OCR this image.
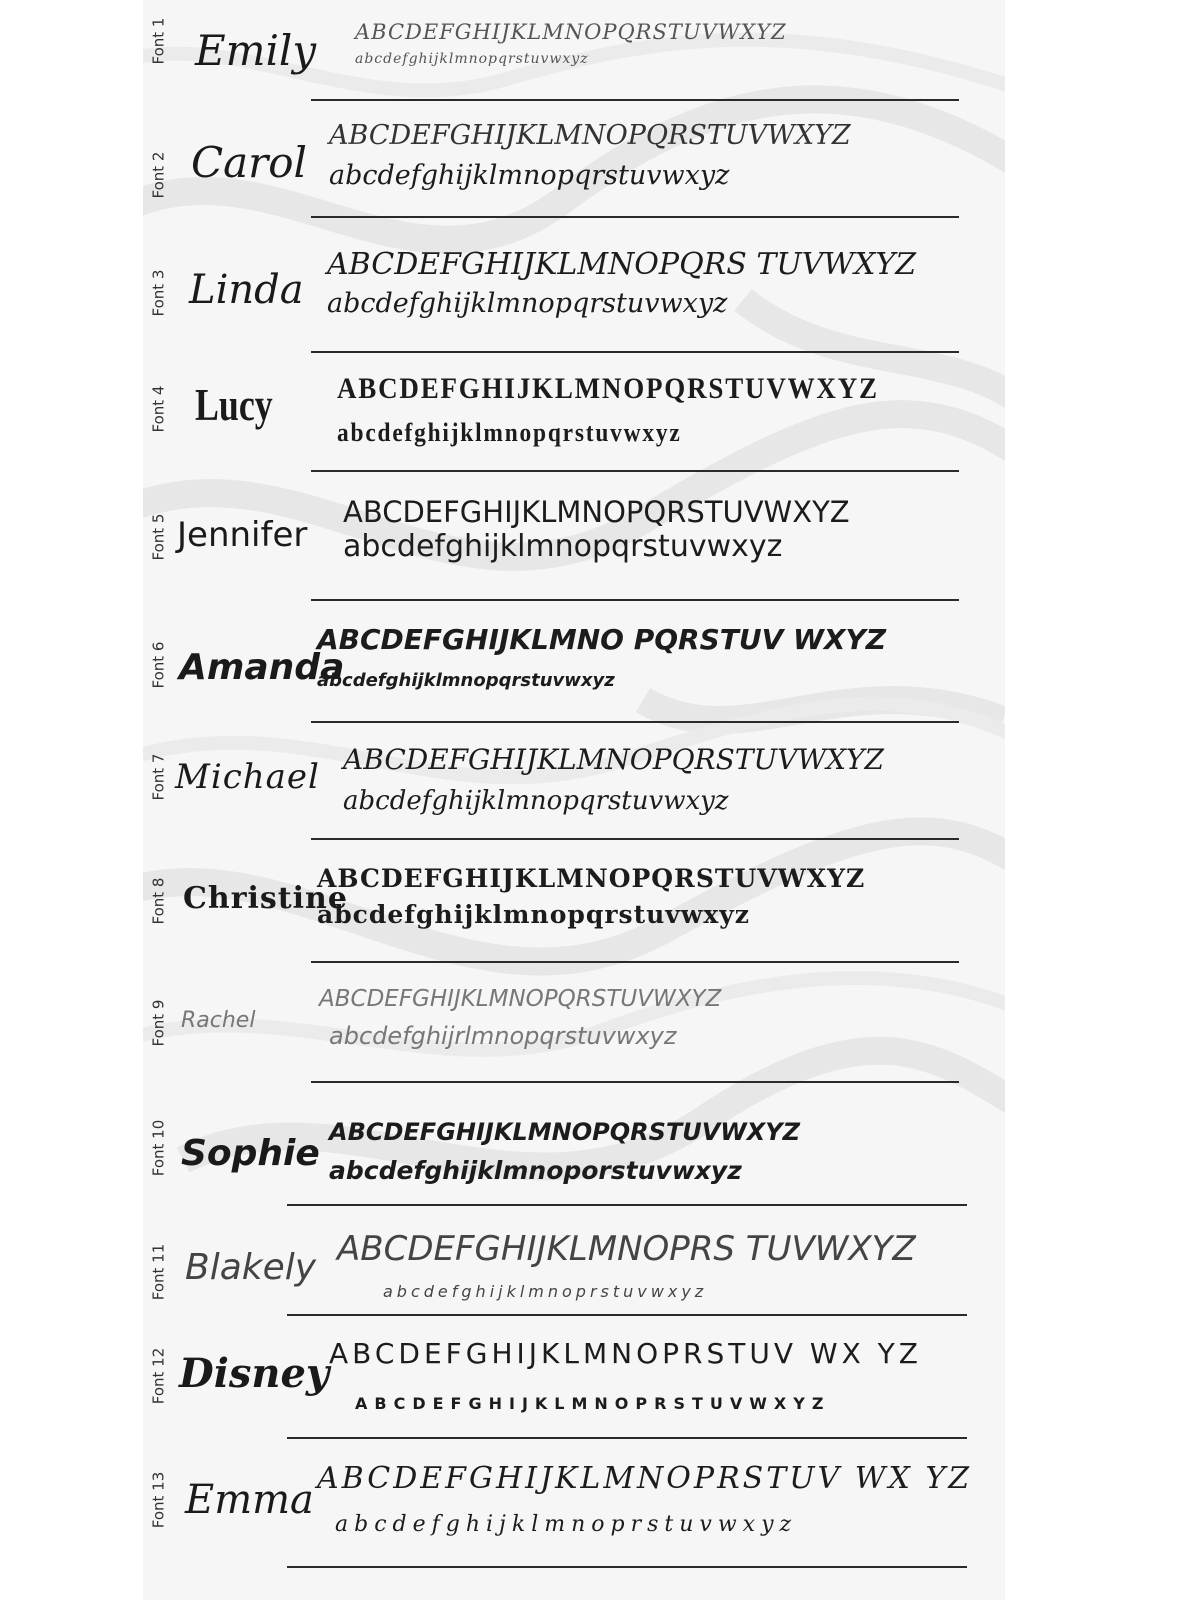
Font 1 Emily ABCDEFGHIJKLMNOPQRSTUVWXYZ
abcdefghijklmnopqrstuvwxyz
Font 2 Carol
ABCDEFGHIJKLMNOPQRSTUVWXYZ
abcdefghijklmnopqrstuvwxyz
Font 3 Linda
ABCDEFGHIJKLMNOPQRS TUVWXYZ
abcdefghijklmnopqrstuvwxyz
Font 4 Lucy ABCDEFGHIJKLMNOPQRSTUVWXYZ
abcdefghijklmnopqrstuvwxyz
Font 5 Jennifer
ABCDEFGHIJKLMNOPQRSTUVWXYZ
abcdefghijklmnopqrstuvwxyz
Font 6 Amanda
ABCDEFGHIJKLMNO PQRSTUV WXYZ
abcdefghijklmnopqrstuvwxyz
Font 7 Michael ABCDEFGHIJKLMNOPQRSTUVWXYZ
abcdefghijklmnopqrstuvwxyz
Font 8 Christine
ABCDEFGHIJKLMNOPQRSTUVWXYZ
abcdefghijklmnopqrstuvwxyz
Font 9 Rachel
ABCDEFGHIJKLMNOPQRSTUVWXYZ
abcdefghijrlmnopqrstuvwxyz
Font 10 Sophie
ABCDEFGHIJKLMNOPQRSTUVWXYZ
abcdefghijklmnoporstuvwxyz
Font 11 Blakely ABCDEFGHIJKLMNOPRS TUVWXYZ
abcdefghijklmnoprstuvwxyz
Font 12 Disney ABCDEFGHIJKLMNOPRSTUV WX YZ
ABCDEFGHIJKLMNOPRSTUVWXYZ
Font 13 Emma ABCDEFGHIJKLMNOPRSTUV WX YZ
abcdefghijklmnoprstuvwxyz
